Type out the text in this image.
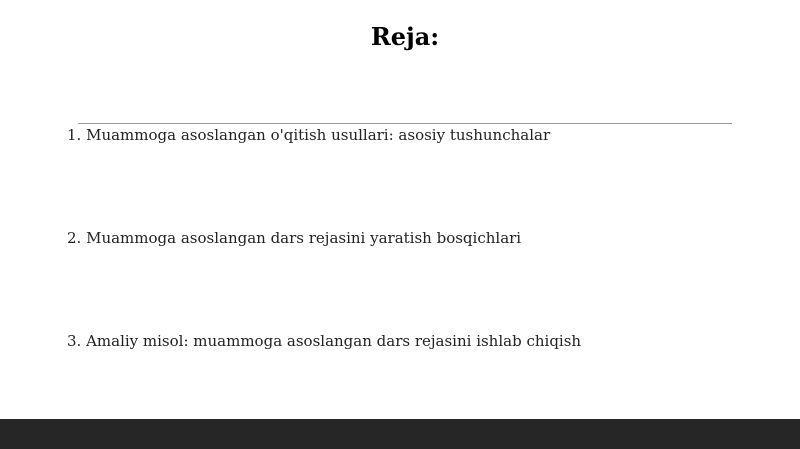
Reja:
1. Muammoga asoslangan o'qitish usullari: asosiy tushunchalar
2. Muammoga asoslangan dars rejasini yaratish bosqichlari
3. Amaliy misol: muammoga asoslangan dars rejasini ishlab chiqish
